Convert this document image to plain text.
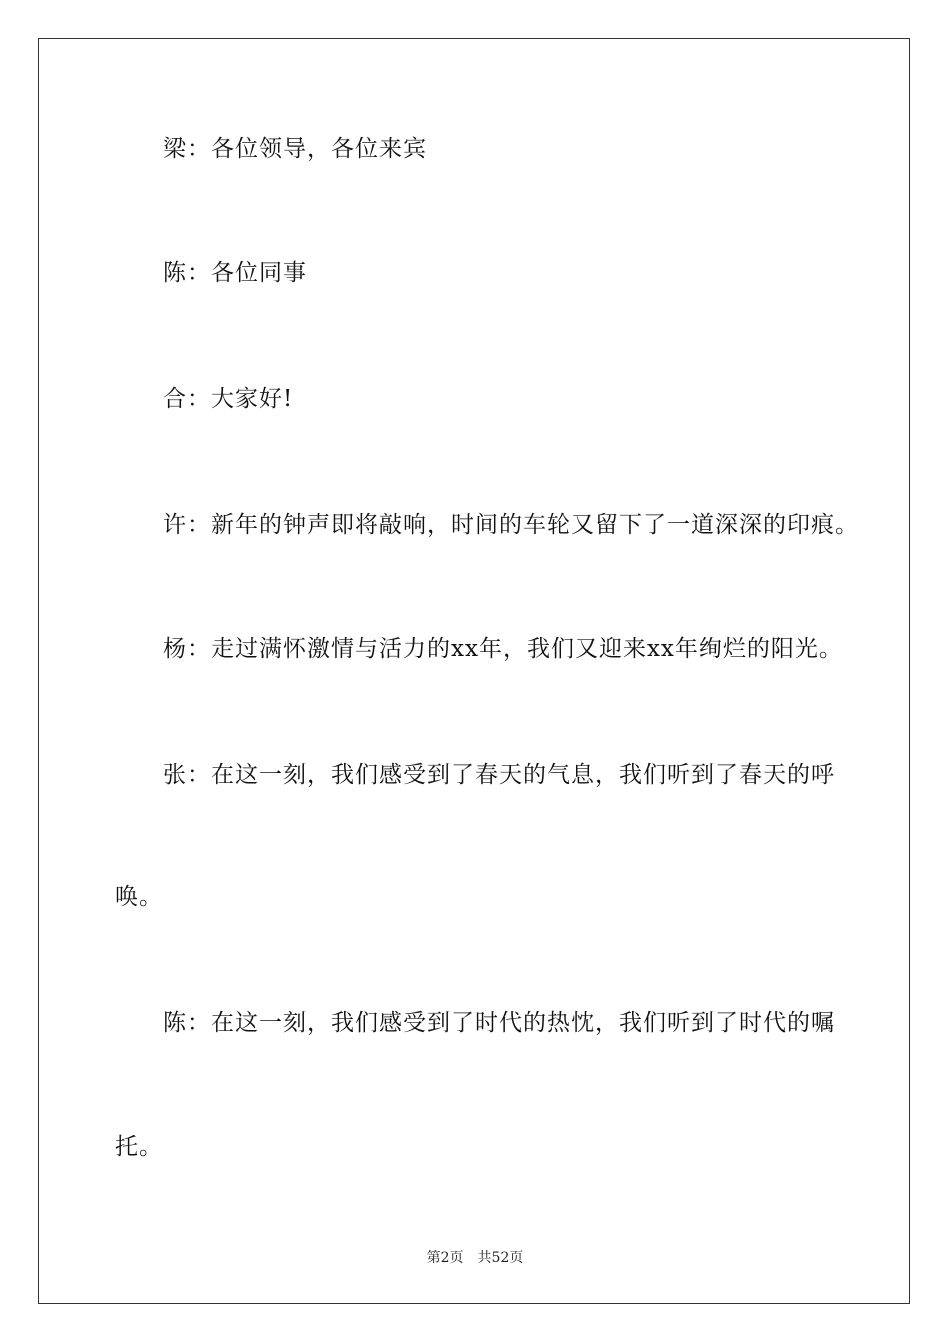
梁：各位领导，各位来宾
陈：各位同事
合：大家好!
许：新年的钟声即将敲响，时间的车轮又留下了一道深深的印痕。
杨：走过满怀激情与活力的xx年，我们又迎来xx年绚烂的阳光。
张：在这一刻，我们感受到了春天的气息，我们听到了春天的呼
唤。
陈：在这一刻，我们感受到了时代的热忱，我们听到了时代的嘱
托。
第2页 共52页
